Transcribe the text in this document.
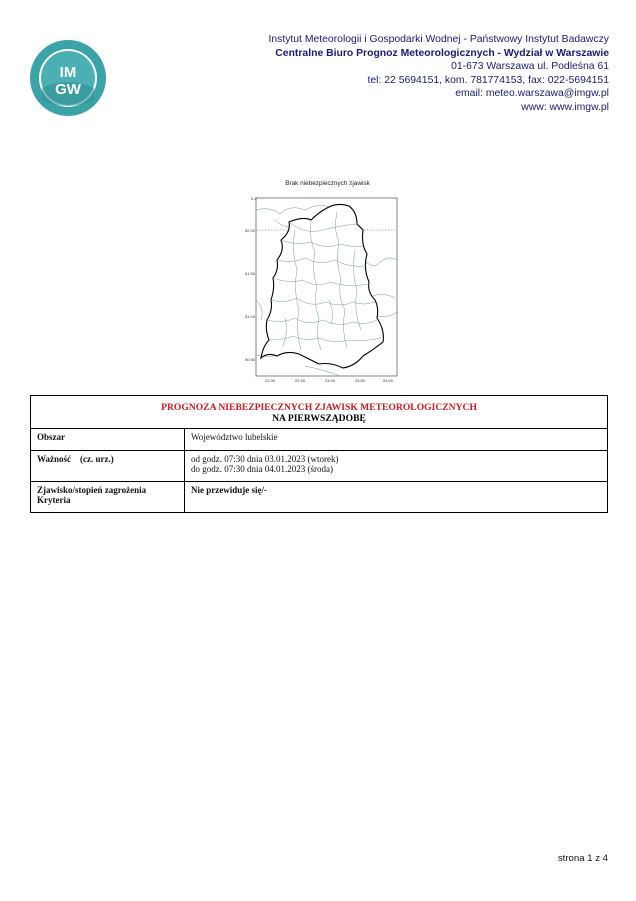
IM
GW
Instytut Meteorologii i Gospodarki Wodnej - Państwowy Instytut Badawczy
Centralne Biuro Prognoz Meteorologicznych - Wydział w Warszawie
01-673 Warszawa ul. Podleśna 61
tel: 22 5694151, kom. 781774153, fax: 022-5694151
email: meteo.warszawa@imgw.pl
www: www.imgw.pl
Brak niebezpiecznych zjawisk
0.2
52.00
51.50
51.00
50.50
22.00	22.50	23.00	23.50	24.00
PROGNOZA NIEBEZPIECZNYCH ZJAWISK METEOROLOGICZNYCH
NA PIERWSZĄDOBĘ	

Obszar	Województwo lubelskie
Ważność    (cz. urz.)	od godz. 07:30 dnia 03.01.2023 (wtorek)
do godz. 07:30 dnia 04.01.2023 (środa)

Zjawisko/stopień zagrożenia
Kryteria	Nie przewiduje się/-
strona 1 z 4
